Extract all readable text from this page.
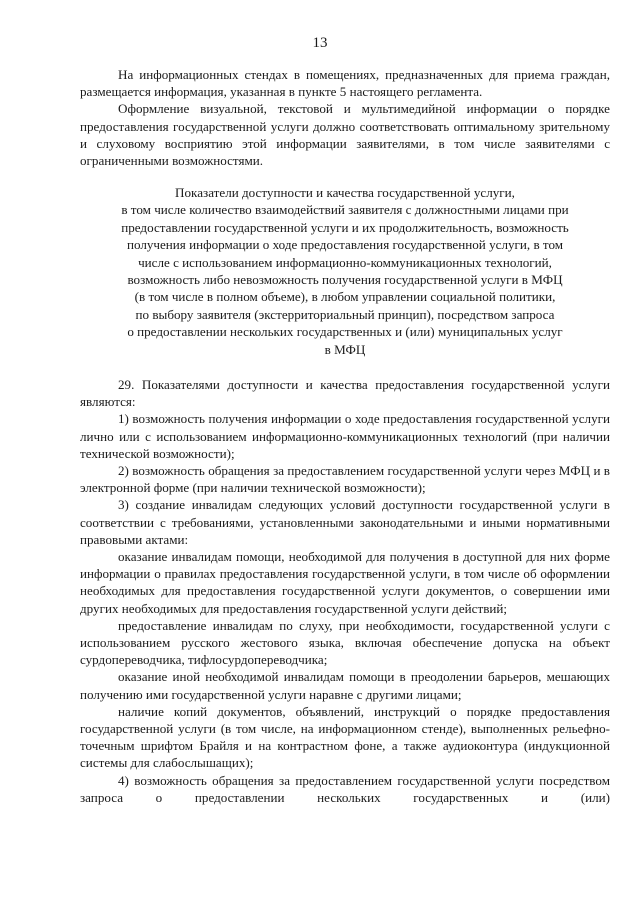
13

На информационных стендах в помещениях, предназначенных для приема граждан, размещается информация, указанная в пункте 5 настоящего регламента.

Оформление визуальной, текстовой и мультимедийной информации о порядке предоставления государственной услуги должно соответствовать оптимальному зрительному и слуховому восприятию этой информации заявителями, в том числе заявителями с ограниченными возможностями.

Показатели доступности и качества государственной услуги,
в том числе количество взаимодействий заявителя с должностными лицами при
предоставлении государственной услуги и их продолжительность, возможность
получения информации о ходе предоставления государственной услуги, в том
числе с использованием информационно-коммуникационных технологий,
возможность либо невозможность получения государственной услуги в МФЦ
(в том числе в полном объеме), в любом управлении социальной политики,
по выбору заявителя (экстерриториальный принцип), посредством запроса
о предоставлении нескольких государственных и (или) муниципальных услуг
в МФЦ

29. Показателями доступности и качества предоставления государственной услуги являются:

1) возможность получения информации о ходе предоставления государственной услуги лично или с использованием информационно-коммуникационных технологий (при наличии технической возможности);

2) возможность обращения за предоставлением государственной услуги через МФЦ и в электронной форме (при наличии технической возможности);

3) создание инвалидам следующих условий доступности государственной услуги в соответствии с требованиями, установленными законодательными и иными нормативными правовыми актами:

оказание инвалидам помощи, необходимой для получения в доступной для них форме информации о правилах предоставления государственной услуги, в том числе об оформлении необходимых для предоставления государственной услуги документов, о совершении ими других необходимых для предоставления государственной услуги действий;

предоставление инвалидам по слуху, при необходимости, государственной услуги с использованием русского жестового языка, включая обеспечение допуска на объект сурдопереводчика, тифлосурдопереводчика;

оказание иной необходимой инвалидам помощи в преодолении барьеров, мешающих получению ими государственной услуги наравне с другими лицами;

наличие копий документов, объявлений, инструкций о порядке предоставления государственной услуги (в том числе, на информационном стенде), выполненных рельефно-точечным шрифтом Брайля и на контрастном фоне, а также аудиоконтура (индукционной системы для слабослышащих);

4) возможность обращения за предоставлением государственной услуги посредством запроса о предоставлении нескольких государственных и (или)
